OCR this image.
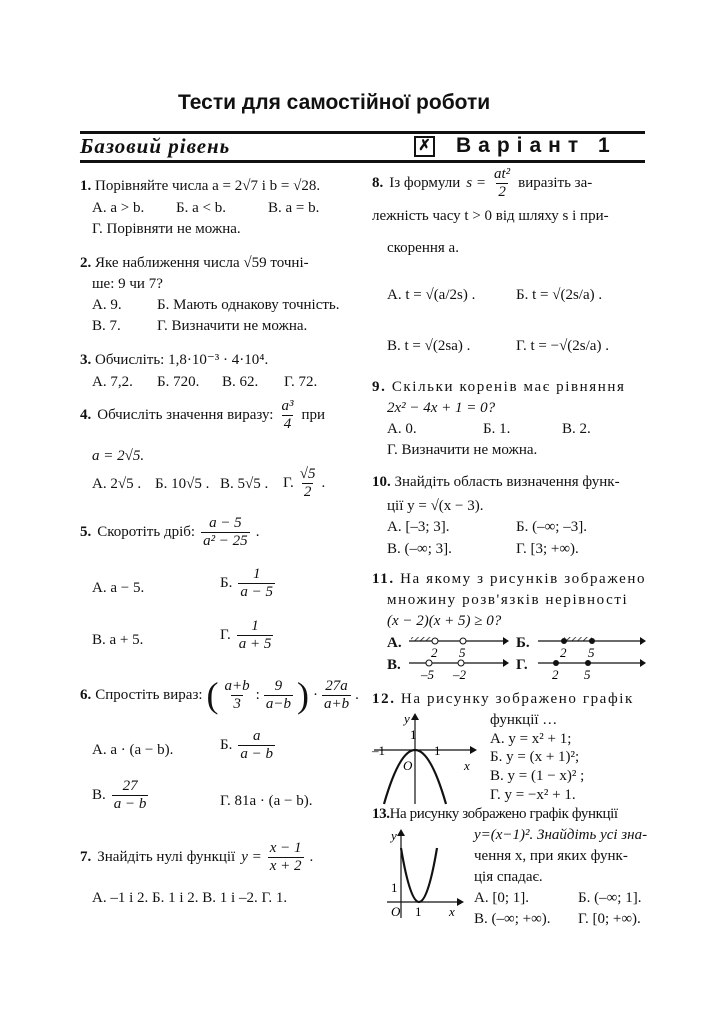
Тести для самостійної роботи
Базовий рівень	✗ Варіант 1
1. Порівняйте числа a = 2√7 і b = √28.
A. a > b. Б. a < b.	B. a = b.
Г. Порівняти не можна.
2. Яке наближення числа √59 точні-
ше: 9 чи 7?
A. 9. Б. Мають однакову точність.
B. 7. Г. Визначити не можна.
3. Обчисліть: 1,8·10⁻³ · 4·10⁴.
A. 7,2. Б. 720. B. 62. Г. 72.
4. Обчисліть значення виразу: $\frac{\text{a³}}{4}$ при
a = 2√5.
A. 2√5 . Б. 10√5 . B. 5√5 . Г. $\frac{√5}{2}$ .
5. Скоротіть дріб: $\frac{a - 5}{\text{a² − 25}}$ .
A. a − 5.	Б. $\frac{1}{a - 5}$
B. a + 5.	Г. $\frac{1}{a + 5}$
6. Спростіть вираз: ( $\frac{a+b}{3}$ : $\frac{9}{a-b}$ ) · $\frac{27a}{a+b}$ .
A. a · (a − b).	Б. $\frac{a}{a - b}$
B. $\frac{27}{a - b}$	Г. 81a · (a − b).
7. Знайдіть нулі функції $y = \frac{x - 1}{x + 2}$ .
A. –1 і 2. Б. 1 і 2. B. 1 і –2. Г. 1.
8. Із формули $s = \frac{\text{at²}}{2}$ виразіть за-
лежність часу t > 0 від шляху s і при-
скорення a.
A. t = √(a/2s) .	Б. t = √(2s/a) .
B. t = √(2sa) .	Г. t = −√(2s/a) .
9. Скільки коренів має рівняння
2x² − 4x + 1 = 0?
A. 0.	Б. 1.	B. 2.
Г. Визначити не можна.
10. Знайдіть область визначення функ-
ції y = √(x − 3).
A. [–3; 3].	Б. (–∞; –3].
B. (–∞; 3].	Г. [3; +∞).
11. На якому з рисунків зображено
множину розв'язків нерівності
(x − 2)(x + 5) ≥ 0?
A.
2 5
Б.
2 5
B.
–5 –2
Г.
2 5
12. На рисунку зображено графік
функції …
A. y = x² + 1;
Б. y = (x + 1)²;
B. y = (1 − x)² ;
Г. y = −x² + 1.
y
1
–1	1
O	x
13.На рисунку зображено графік функції
y=(x−1)². Знайдіть усі зна-
чення x, при яких функ-
ція спадає.
A. [0; 1].	Б. (–∞; 1].
B. (–∞; +∞). Г. [0; +∞).
y
1
O 1 x
